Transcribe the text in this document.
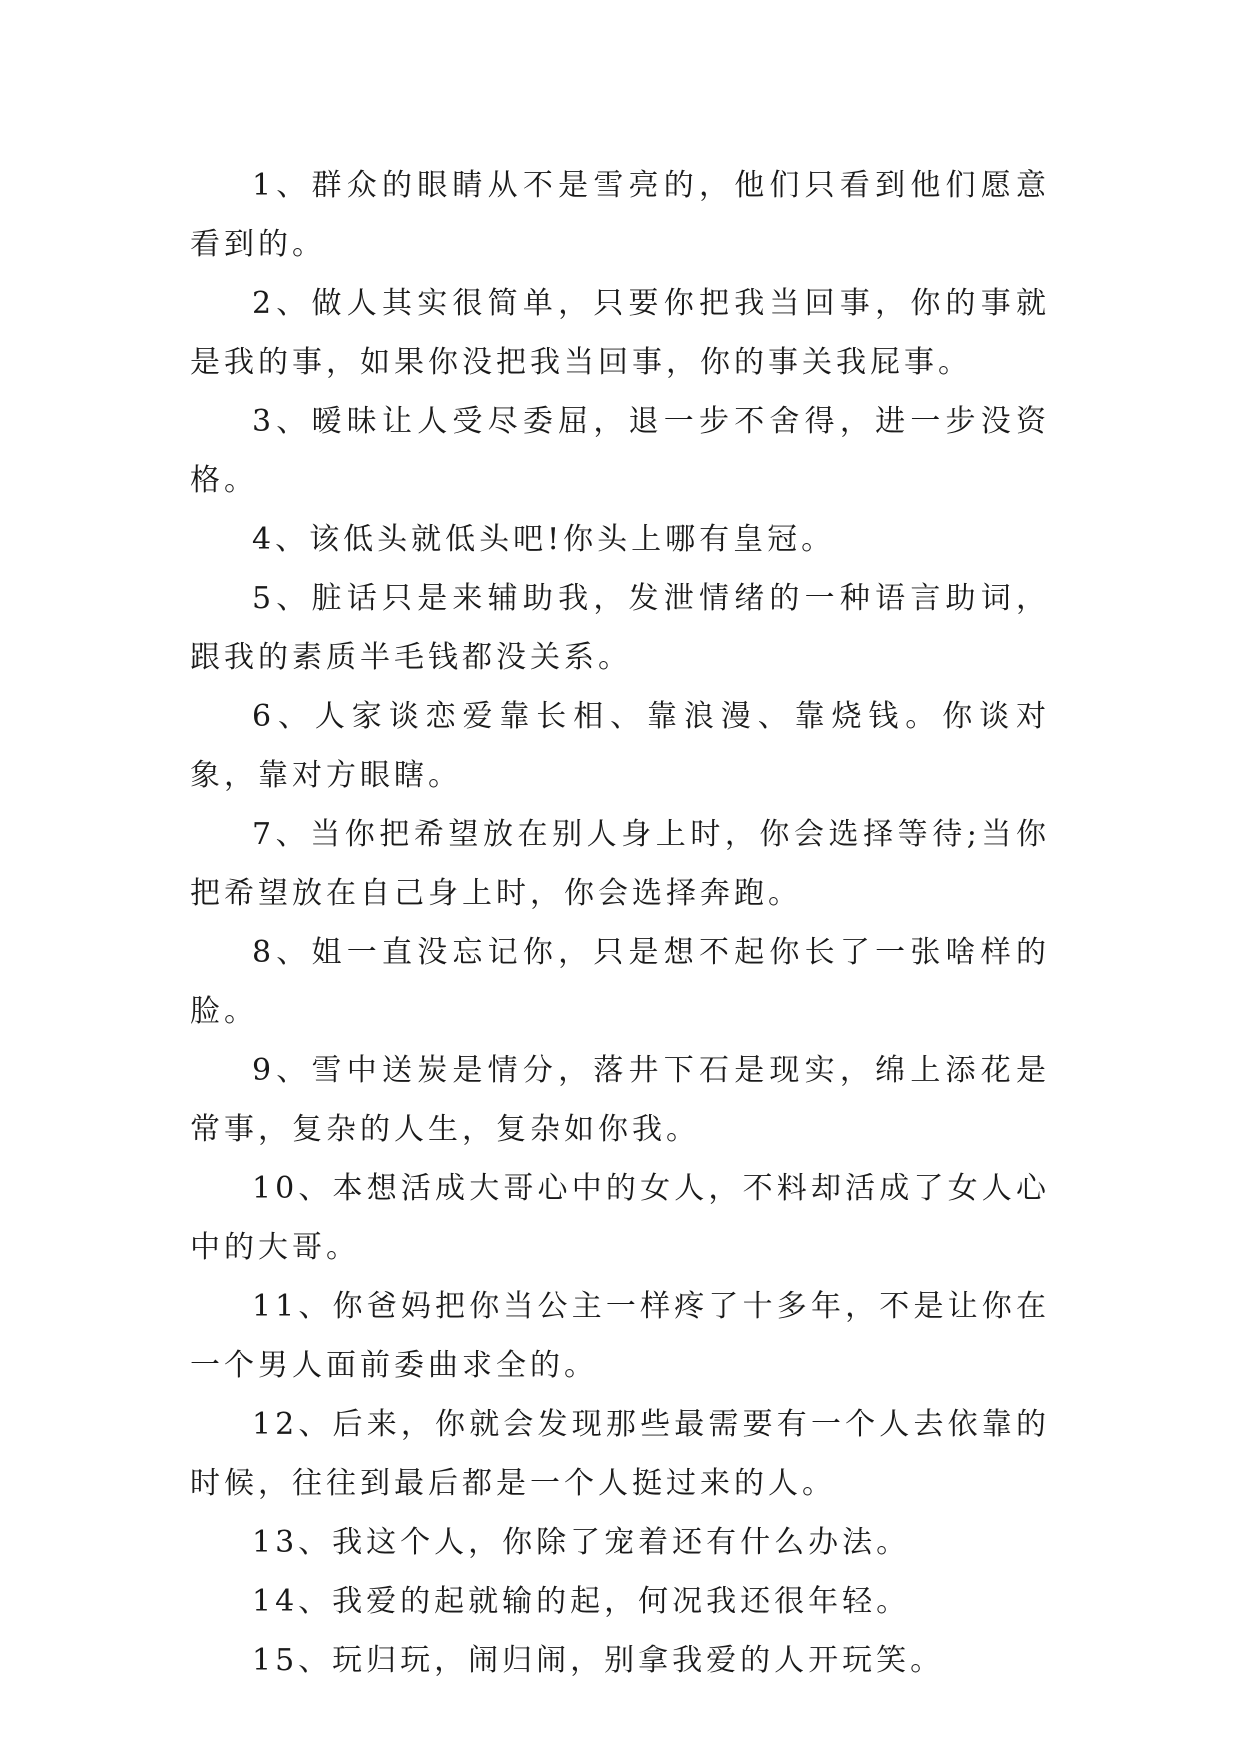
1、群众的眼睛从不是雪亮的，他们只看到他们愿意看到的。

2、做人其实很简单，只要你把我当回事，你的事就是我的事，如果你没把我当回事，你的事关我屁事。

3、暧昧让人受尽委屈，退一步不舍得，进一步没资格。

4、该低头就低头吧!你头上哪有皇冠。

5、脏话只是来辅助我，发泄情绪的一种语言助词，跟我的素质半毛钱都没关系。

6、人家谈恋爱靠长相、靠浪漫、靠烧钱。你谈对象，靠对方眼瞎。

7、当你把希望放在别人身上时，你会选择等待;当你把希望放在自己身上时，你会选择奔跑。

8、姐一直没忘记你，只是想不起你长了一张啥样的脸。

9、雪中送炭是情分，落井下石是现实，绵上添花是常事，复杂的人生，复杂如你我。

10、本想活成大哥心中的女人，不料却活成了女人心中的大哥。

11、你爸妈把你当公主一样疼了十多年，不是让你在一个男人面前委曲求全的。

12、后来，你就会发现那些最需要有一个人去依靠的时候，往往到最后都是一个人挺过来的人。

13、我这个人，你除了宠着还有什么办法。

14、我爱的起就输的起，何况我还很年轻。

15、玩归玩，闹归闹，别拿我爱的人开玩笑。
